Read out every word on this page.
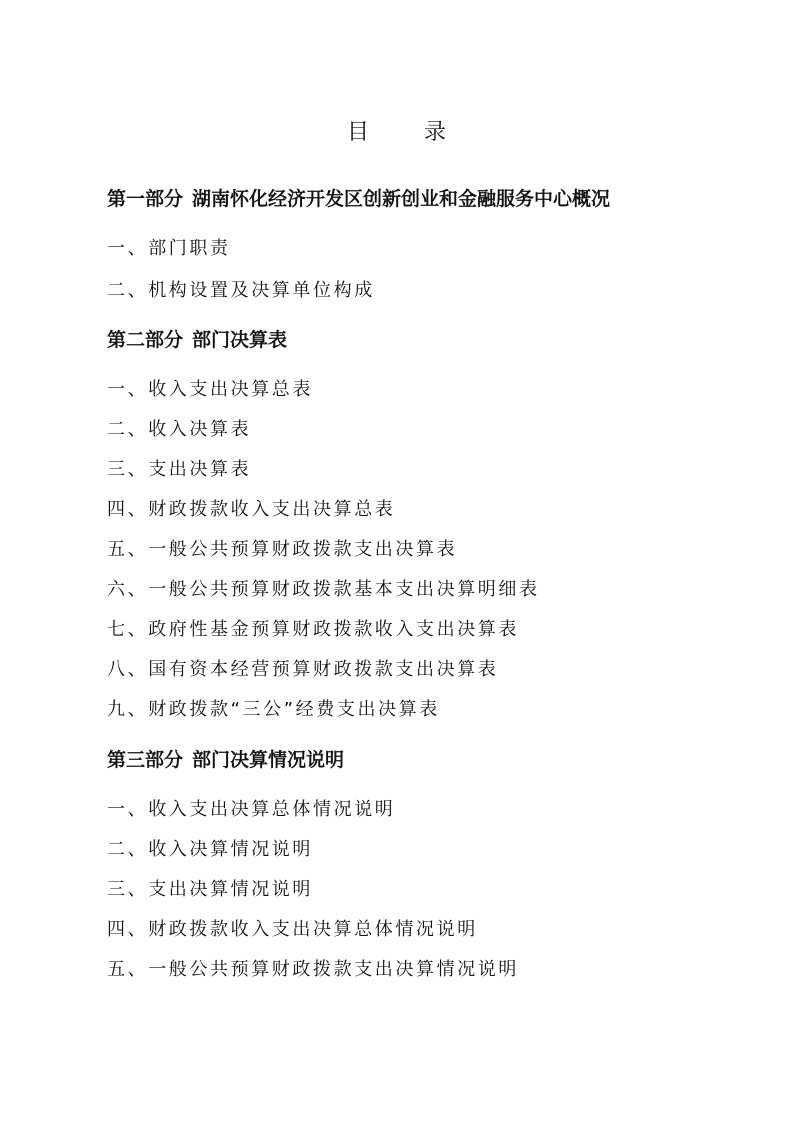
目 录
第一部分 湖南怀化经济开发区创新创业和金融服务中心概况
一、部门职责
二、机构设置及决算单位构成
第二部分 部门决算表
一、收入支出决算总表
二、收入决算表
三、支出决算表
四、财政拨款收入支出决算总表
五、一般公共预算财政拨款支出决算表
六、一般公共预算财政拨款基本支出决算明细表
七、政府性基金预算财政拨款收入支出决算表
八、国有资本经营预算财政拨款支出决算表
九、财政拨款“三公”经费支出决算表
第三部分 部门决算情况说明
一、收入支出决算总体情况说明
二、收入决算情况说明
三、支出决算情况说明
四、财政拨款收入支出决算总体情况说明
五、一般公共预算财政拨款支出决算情况说明
